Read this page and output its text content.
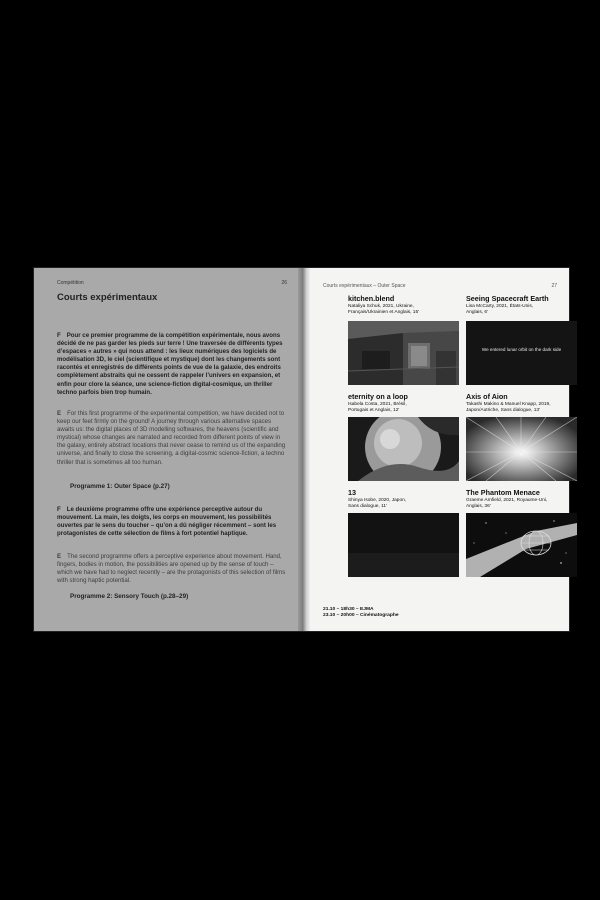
Compétition	26
Courts expérimentaux
F Pour ce premier programme de la compétition expérimentale, nous avons décidé de ne pas garder les pieds sur terre ! Une traversée de différents types d’espaces « autres » qui nous attend : les lieux numériques des logiciels de modélisation 3D, le ciel (scientifique et mystique) dont les changements sont racontés et enregistrés de différents points de vue de la galaxie, des endroits complètement abstraits qui ne cessent de rappeler l’univers en expansion, et enfin pour clore la séance, une science-fiction digital-cosmique, un thriller techno parfois bien trop humain.
E For this first programme of the experimental competition, we have decided not to keep our feet firmly on the ground! A journey through various alternative spaces awaits us: the digital places of 3D modelling softwares, the heavens (scientific and mystical) whose changes are narrated and recorded from different points of view in the galaxy, entirely abstract locations that never cease to remind us of the expanding universe, and finally to close the screening, a digital-cosmic science-fiction, a techno thriller that is sometimes all too human.
Programme 1: Outer Space (p.27)
F Le deuxième programme offre une expérience perceptive autour du mouvement. La main, les doigts, les corps en mouvement, les possibilités ouvertes par le sens du toucher – qu’on a dû négliger récemment – sont les protagonistes de cette sélection de films à fort potentiel haptique.
E The second programme offers a perceptive experience about movement. Hand, fingers, bodies in motion, the possibilities are opened up by the sense of touch – which we have had to neglect recently – are the protagonists of this selection of films with strong haptic potential.
Programme 2: Sensory Touch (p.28–29)
Courts expérimentaux – Outer Space	27
kitchen.blend
Nataliya Schuk, 2021, Ukraine,
Français/Ukrainien et Anglais, 15'
Seeing Spacecraft Earth
Lisa McCarty, 2021, États-Unis,
Anglais, 6'
We entered lunar orbit on the dark side
eternity on a loop
Isabela Costa, 2021, Brésil,
Portugais et Anglais, 12'
Axis of Aion
Takashi Makino & Manuel Knapp, 2019,
Japon/Autriche, Sans dialogue, 13'
13
Shinya Isobe, 2020, Japon,
Sans dialogue, 11'
The Phantom Menace
Graeme Arnfield, 2021, Royaume-Uni,
Anglais, 36'
21.10 – 18h30 – EJMA
23.10 – 20h00 – Cinématographe
